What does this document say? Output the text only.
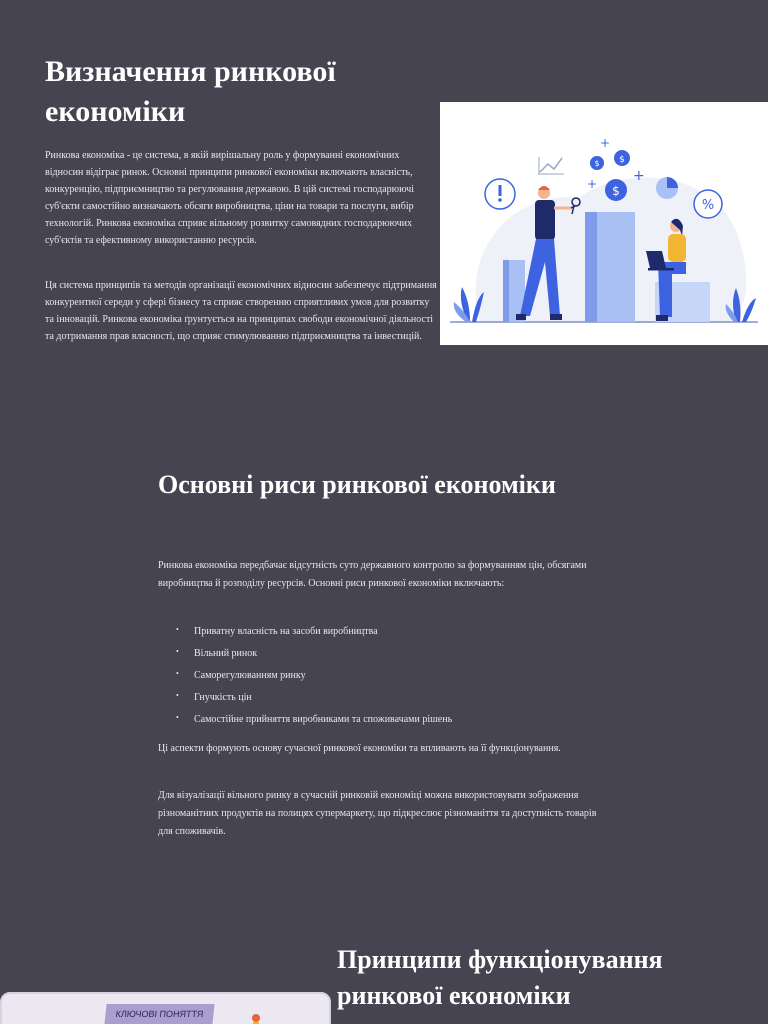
Визначення ринкової економіки

Ринкова економіка - це система, в якій вирішальну роль у формуванні економічних відносин відіграє ринок. Основні принципи ринкової економіки включають власність, конкуренцію, підприємництво та регулювання державою. В цій системі господарюючі суб'єкти самостійно визначають обсяги виробництва, ціни на товари та послуги, вибір технологій. Ринкова економіка сприяє вільному розвитку самовядних господарюючих суб'єктів та ефективному використанню ресурсів.

Ця система принципів та методів організації економічних відносин забезпечує підтримання конкурентної середи у сфері бізнесу та сприяє створенню сприятливих умов для розвитку та інновацій. Ринкова економіка ґрунтується на принципах свободи економічної діяльності та дотримання прав власності, що сприяє стимулюванню підприємництва та інвестицій.

$ $
$
+
+	+
%
Основні риси ринкової економіки

Ринкова економіка передбачає відсутність суто державного контролю за формуванням цін, обсягами виробництва й розподілу ресурсів. Основні риси ринкової економіки включають:

• Приватну власність на засоби виробництва
• Вільний ринок
• Саморегулюванням ринку
• Гнучкість цін
• Самостійне прийняття виробниками та споживачами рішень

Ці аспекти формують основу сучасної ринкової економіки та впливають на її функціонування.

Для візуалізації вільного ринку в сучасній ринковій економіці можна використовувати зображення різноманітних продуктів на полицях супермаркету, що підкреслює різноманіття та доступність товарів для споживачів.

Принципи функціонування ринкової економіки
КЛЮЧОВІ ПОНЯТТЯ
